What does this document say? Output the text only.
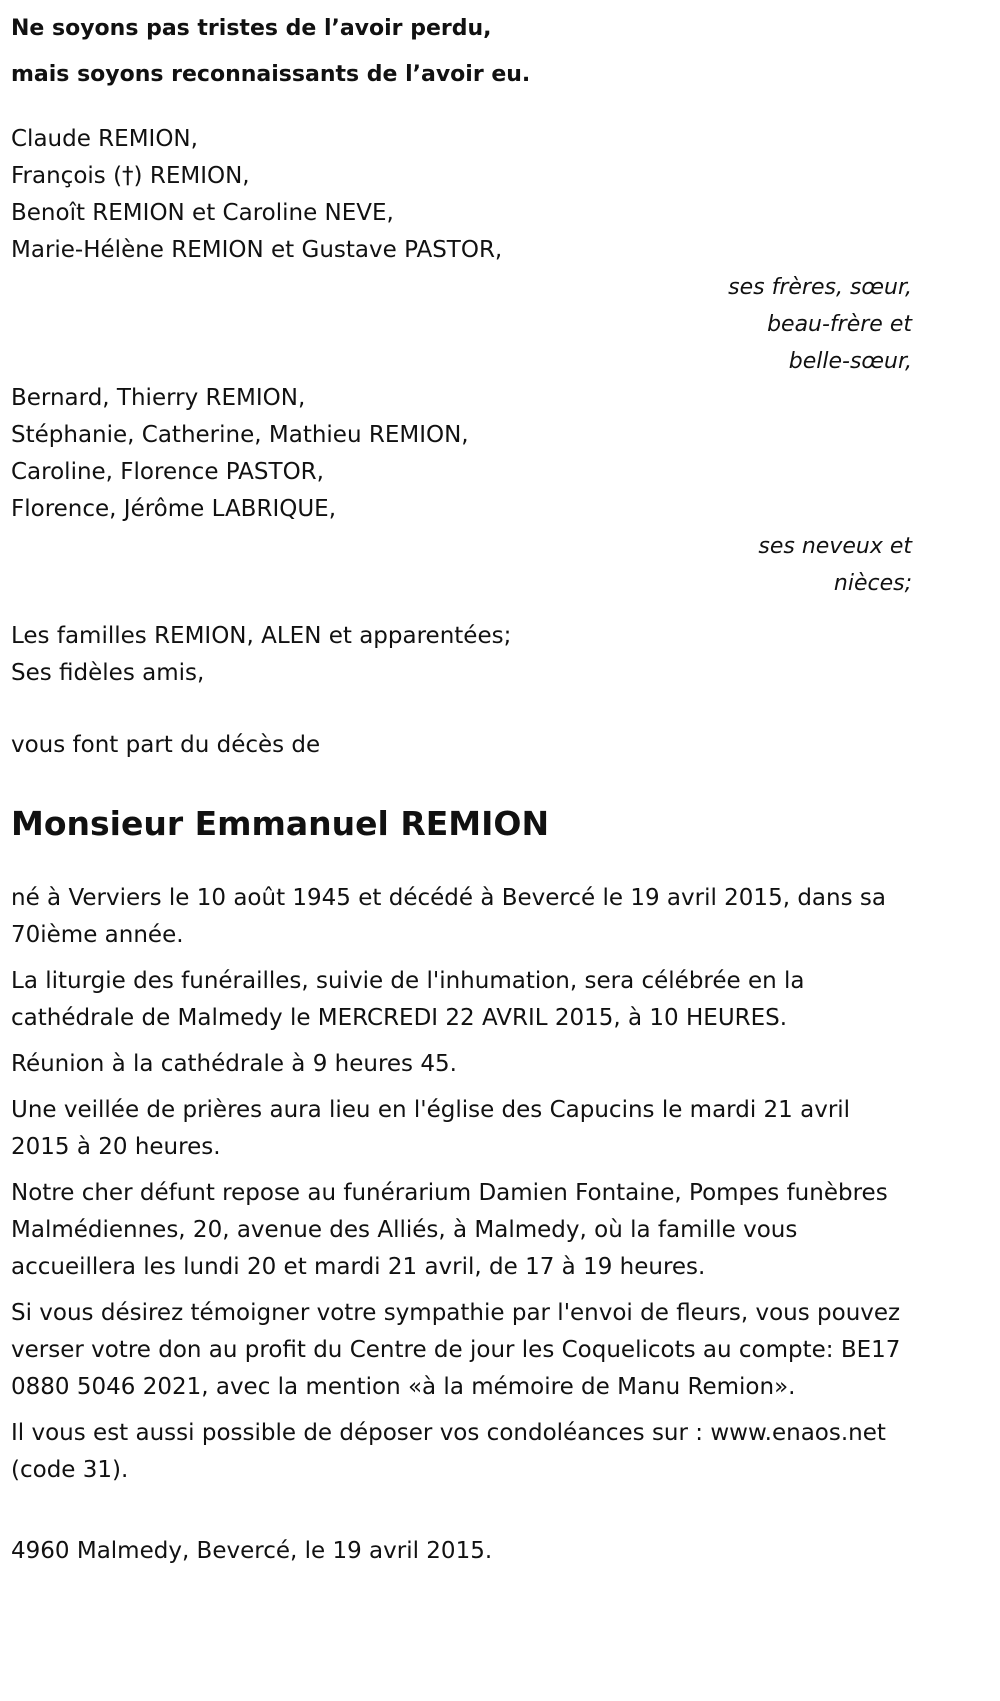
Ne soyons pas tristes de l’avoir perdu,

mais soyons reconnaissants de l’avoir eu.

Claude REMION,
François (†) REMION,
Benoît REMION et Caroline NEVE,
Marie-Hélène REMION et Gustave PASTOR,
ses frères, sœur,
beau-frère et
belle-sœur,
Bernard, Thierry REMION,
Stéphanie, Catherine, Mathieu REMION,
Caroline, Florence PASTOR,
Florence, Jérôme LABRIQUE,
ses neveux et
nièces;
Les familles REMION, ALEN et apparentées;
Ses fidèles amis,
vous font part du décès de
Monsieur Emmanuel REMION

né à Verviers le 10 août 1945 et décédé à Bevercé le 19 avril 2015, dans sa 70ième année.

La liturgie des funérailles, suivie de l'inhumation, sera célébrée en la cathédrale de Malmedy le MERCREDI 22 AVRIL 2015, à 10 HEURES.

Réunion à la cathédrale à 9 heures 45.

Une veillée de prières aura lieu en l'église des Capucins le mardi 21 avril 2015 à 20 heures.

Notre cher défunt repose au funérarium Damien Fontaine, Pompes funèbres Malmédiennes, 20, avenue des Alliés, à Malmedy, où la famille vous accueillera les lundi 20 et mardi 21 avril, de 17 à 19 heures.

Si vous désirez témoigner votre sympathie par l'envoi de fleurs, vous pouvez verser votre don au profit du Centre de jour les Coquelicots au compte: BE17 0880 5046 2021, avec la mention «à la mémoire de Manu Remion».

Il vous est aussi possible de déposer vos condoléances sur : www.enaos.net (code 31).

4960 Malmedy, Bevercé, le 19 avril 2015.
